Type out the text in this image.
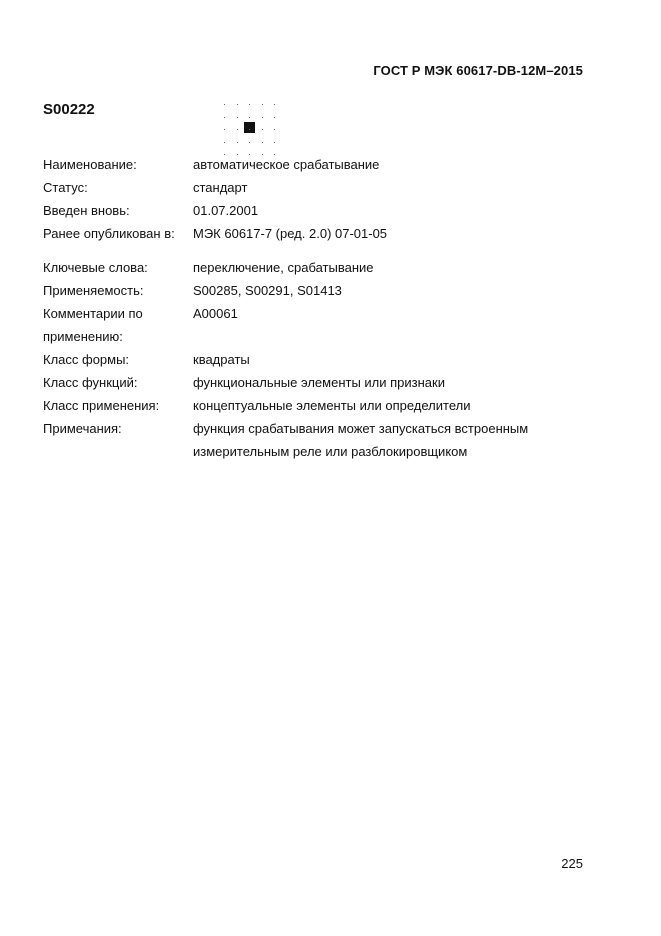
ГОСТ Р МЭК 60617-DB-12M–2015
S00222
Наименование:	автоматическое срабатывание
Статус:	стандарт
Введен вновь:	01.07.2001
Ранее опубликован в:	МЭК 60617-7 (ред. 2.0) 07-01-05
Ключевые слова:	переключение, срабатывание
Применяемость:	S00285, S00291, S01413
Комментарии по	A00061
применению:
Класс формы:	квадраты
Класс функций:	функциональные элементы или признаки
Класс применения:	концептуальные элементы или определители
Примечания:	функция срабатывания может запускаться встроенным
измерительным реле или разблокировщиком
225
